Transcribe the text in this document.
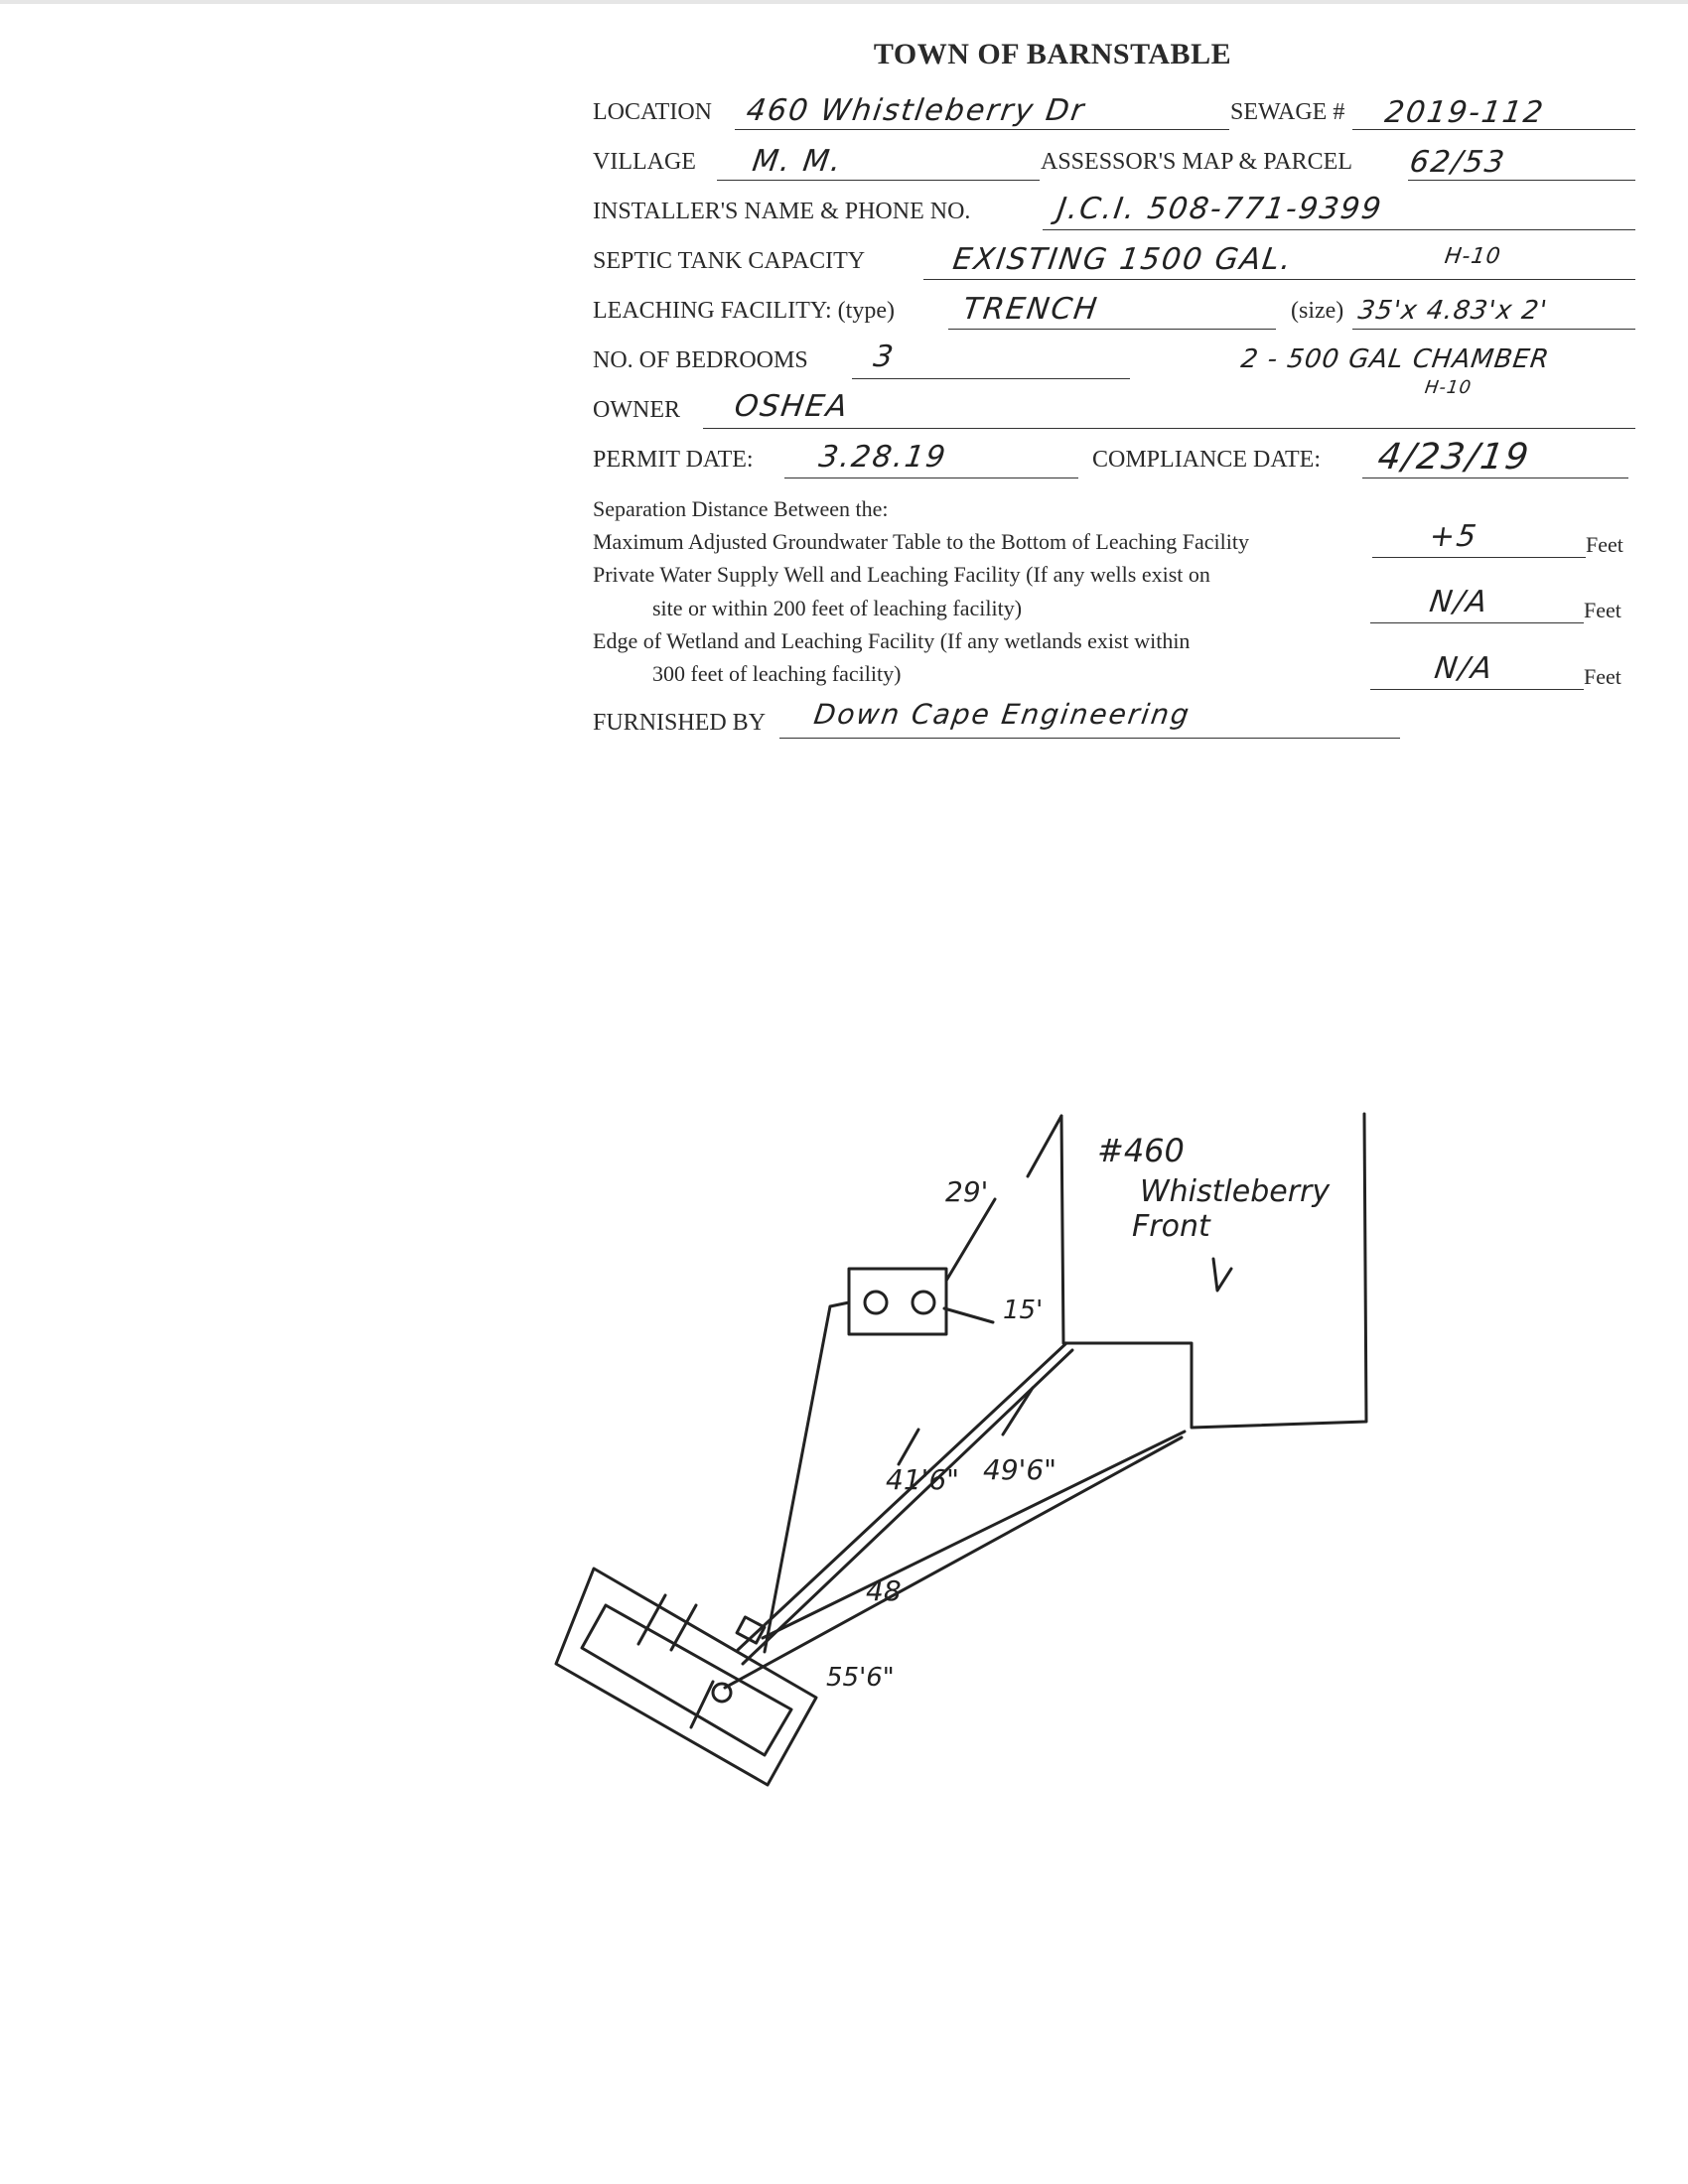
TOWN OF BARNSTABLE
LOCATION 460 Whistleberry Dr	SEWAGE # 2019-112
VILLAGE M. M.	ASSESSOR'S MAP & PARCEL 62/53
INSTALLER'S NAME & PHONE NO.	J.C.I. 508-771-9399
SEPTIC TANK CAPACITY	EXISTING 1500 GAL.	H-10
LEACHING FACILITY: (type) TRENCH	(size) 35'x 4.83'x 2'
NO. OF BEDROOMS 3	2 - 500 GAL CHAMBER
H-10
OWNER OSHEA
PERMIT DATE: 3.28.19	COMPLIANCE DATE: 4/23/19
Separation Distance Between the:
Maximum Adjusted Groundwater Table to the Bottom of Leaching Facility	+5	Feet
Private Water Supply Well and Leaching Facility (If any wells exist on
site or within 200 feet of leaching facility)	N/A	Feet
Edge of Wetland and Leaching Facility (If any wetlands exist within
300 feet of leaching facility)	N/A	Feet
FURNISHED BY Down Cape Engineering
#460
Whistleberry
Front
29'
15'
41'6" 49'6"
48
55'6"
